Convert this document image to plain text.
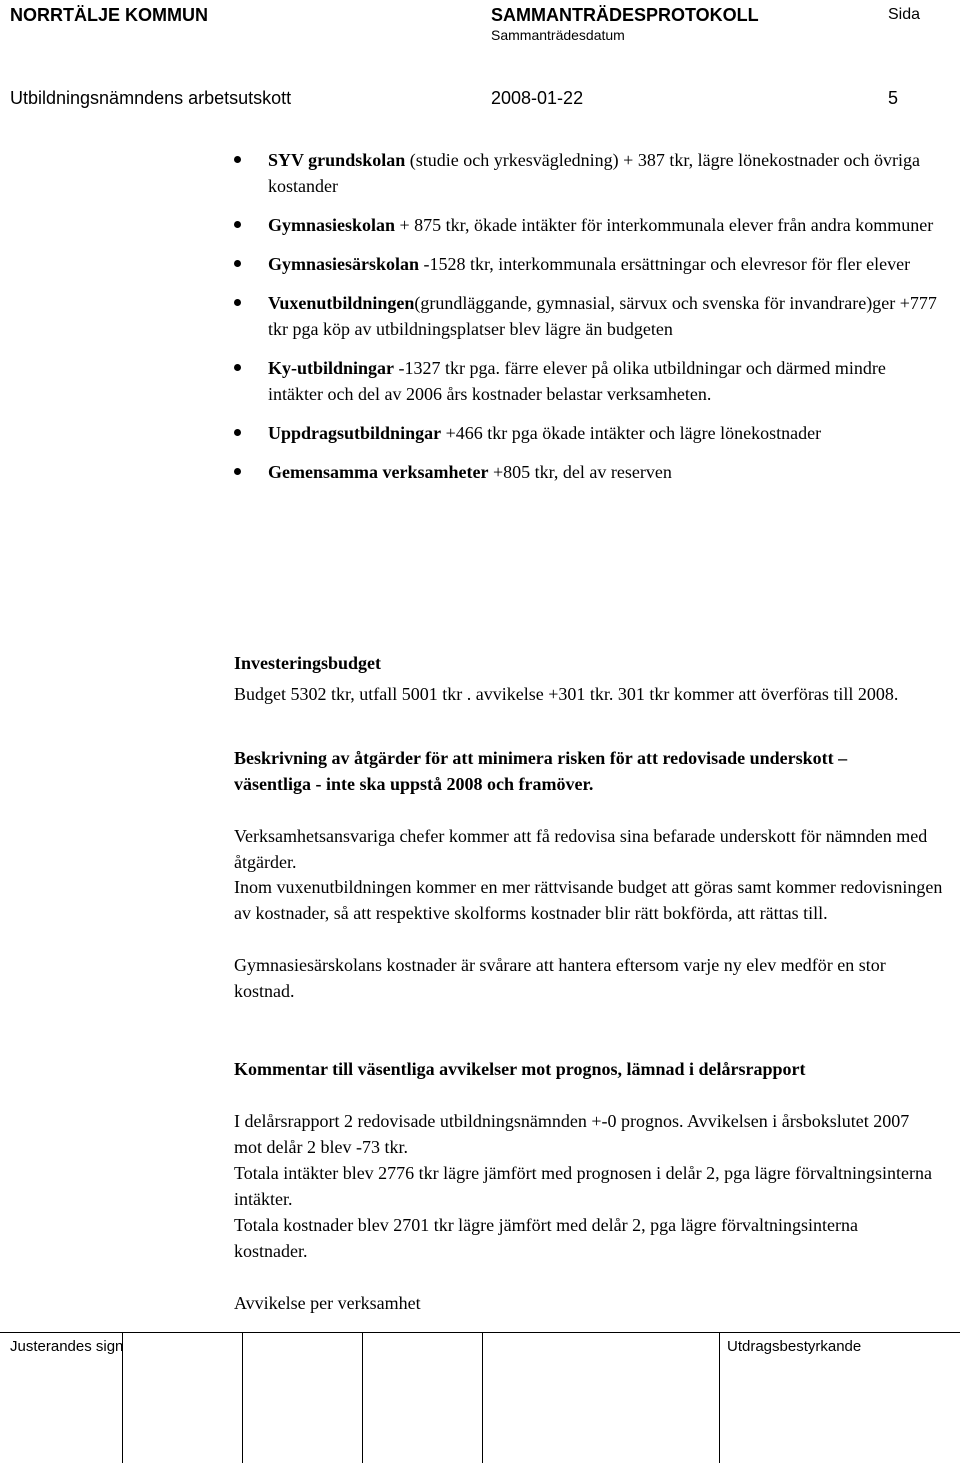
NORRTÄLJE KOMMUN	SAMMANTRÄDESPROTOKOLL
Sammanträdesdatum
Sida
Utbildningsnämndens arbetsutskott	2008-01-22	5
SYV grundskolan (studie och yrkesvägledning) + 387 tkr, lägre lönekostnader och övriga kostander
Gymnasieskolan + 875 tkr, ökade intäkter för interkommunala elever från andra kommuner
Gymnasiesärskolan -1528 tkr, interkommunala ersättningar och elevresor för fler elever
Vuxenutbildningen(grundläggande, gymnasial, särvux och svenska för invandrare)ger +777 tkr pga köp av utbildningsplatser blev lägre än budgeten
Ky-utbildningar -1327 tkr pga. färre elever på olika utbildningar och därmed mindre intäkter och del av 2006 års kostnader belastar verksamheten.
Uppdragsutbildningar +466 tkr pga ökade intäkter och lägre lönekostnader
Gemensamma verksamheter +805 tkr, del av reserven
Investeringsbudget
Budget 5302 tkr, utfall 5001 tkr . avvikelse +301 tkr. 301 tkr kommer att överföras till 2008.
Beskrivning av åtgärder för att minimera risken för att redovisade underskott – väsentliga - inte ska uppstå 2008 och framöver.
Verksamhetsansvariga chefer kommer att få redovisa sina befarade underskott för nämnden med åtgärder.
Inom vuxenutbildningen kommer en mer rättvisande budget att göras samt kommer redovisningen av kostnader, så att respektive skolforms kostnader blir rätt bokförda, att rättas till.
Gymnasiesärskolans kostnader är svårare att hantera eftersom varje ny elev medför en stor kostnad.
Kommentar till väsentliga avvikelser mot prognos, lämnad i delårsrapport
I delårsrapport 2 redovisade utbildningsnämnden +-0 prognos. Avvikelsen i årsbokslutet 2007 mot delår 2 blev -73 tkr.
Totala intäkter blev 2776 tkr lägre jämfört med prognosen i delår 2, pga lägre förvaltningsinterna intäkter.
Totala kostnader blev 2701 tkr lägre jämfört med delår 2, pga lägre förvaltningsinterna kostnader.
Avvikelse per verksamhet
Justerandes sign	Utdragsbestyrkande
